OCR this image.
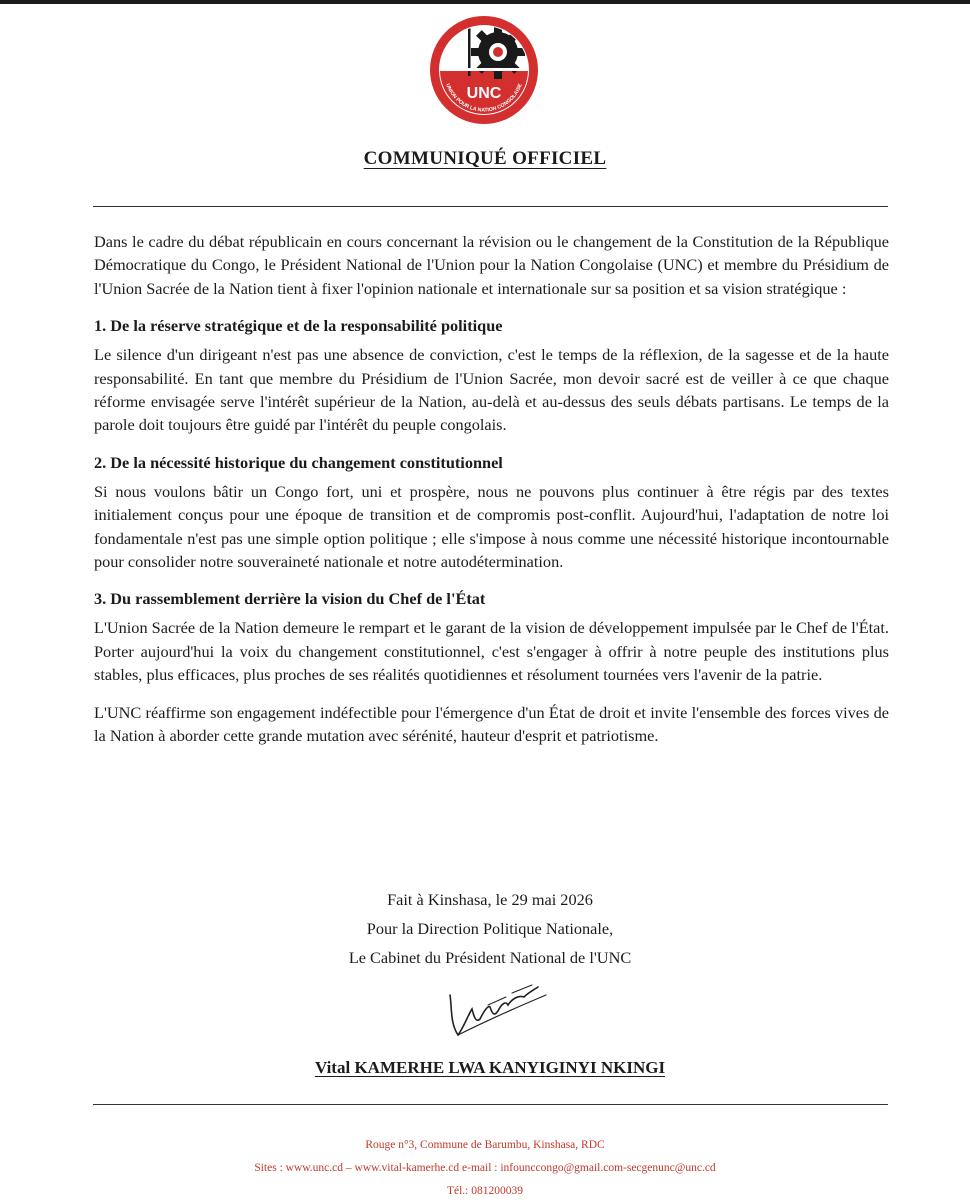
UNC
UNION POUR LA NATION CONGOLAISE
COMMUNIQUÉ OFFICIEL

Dans le cadre du débat républicain en cours concernant la révision ou le changement de la Constitution de la République Démocratique du Congo, le Président National de l'Union pour la Nation Congolaise (UNC) et membre du Présidium de l'Union Sacrée de la Nation tient à fixer l'opinion nationale et internationale sur sa position et sa vision stratégique :

1. De la réserve stratégique et de la responsabilité politique

Le silence d'un dirigeant n'est pas une absence de conviction, c'est le temps de la réflexion, de la sagesse et de la haute responsabilité. En tant que membre du Présidium de l'Union Sacrée, mon devoir sacré est de veiller à ce que chaque réforme envisagée serve l'intérêt supérieur de la Nation, au-delà et au-dessus des seuls débats partisans. Le temps de la parole doit toujours être guidé par l'intérêt du peuple congolais.

2. De la nécessité historique du changement constitutionnel

Si nous voulons bâtir un Congo fort, uni et prospère, nous ne pouvons plus continuer à être régis par des textes initialement conçus pour une époque de transition et de compromis post-conflit. Aujourd'hui, l'adaptation de notre loi fondamentale n'est pas une simple option politique ; elle s'impose à nous comme une nécessité historique incontournable pour consolider notre souveraineté nationale et notre autodétermination.

3. Du rassemblement derrière la vision du Chef de l'État

L'Union Sacrée de la Nation demeure le rempart et le garant de la vision de développement impulsée par le Chef de l'État. Porter aujourd'hui la voix du changement constitutionnel, c'est s'engager à offrir à notre peuple des institutions plus stables, plus efficaces, plus proches de ses réalités quotidiennes et résolument tournées vers l'avenir de la patrie.

L'UNC réaffirme son engagement indéfectible pour l'émergence d'un État de droit et invite l'ensemble des forces vives de la Nation à aborder cette grande mutation avec sérénité, hauteur d'esprit et patriotisme.

Fait à Kinshasa, le 29 mai 2026
Pour la Direction Politique Nationale,
Le Cabinet du Président National de l'UNC
Vital KAMERHE LWA KANYIGINYI NKINGI
Rouge n°3, Commune de Barumbu, Kinshasa, RDC
Sites : www.unc.cd – www.vital-kamerhe.cd e-mail : infounccongo@gmail.com-secgenunc@unc.cd
Tél.: 081200039
